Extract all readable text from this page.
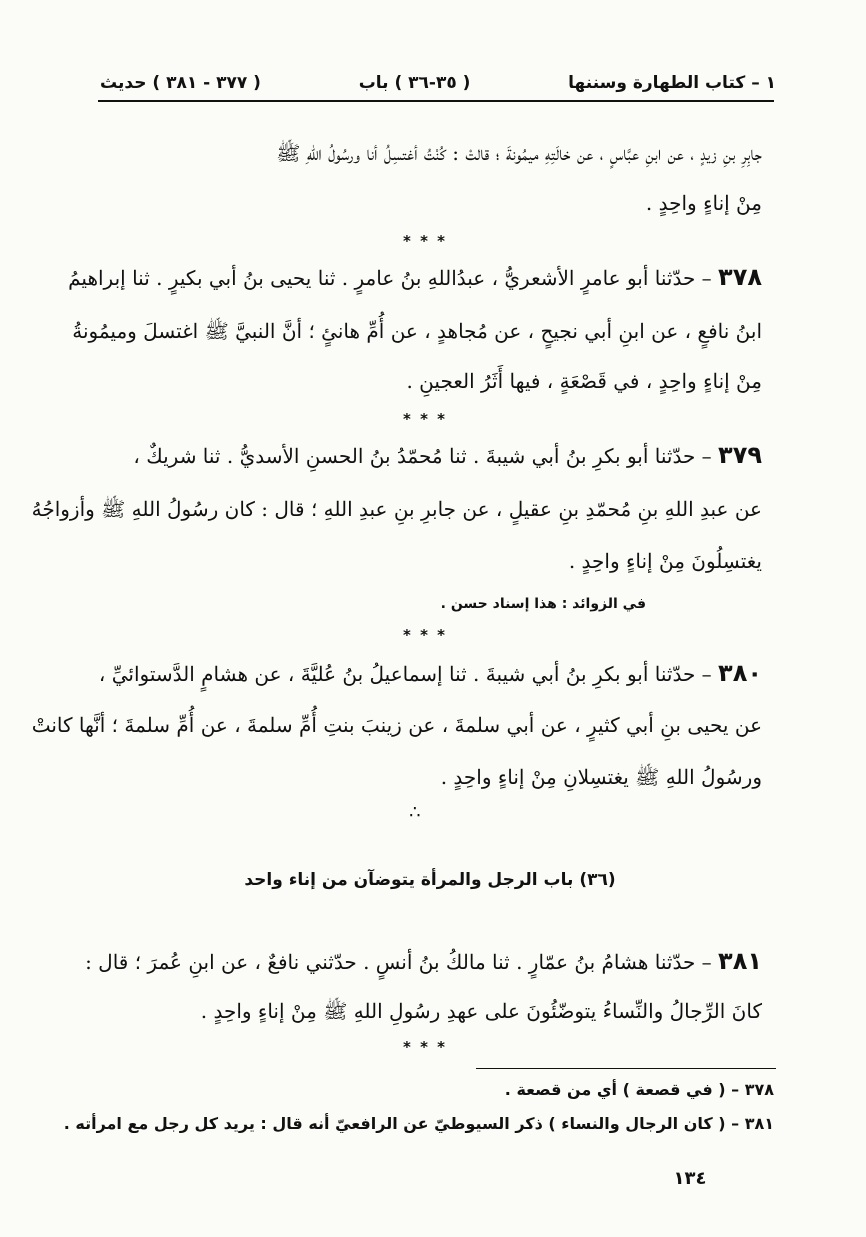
١ – كتاب الطهارة وسننها
( ٣٥-٣٦ ) باب
( ٣٧٧ - ٣٨١ ) حديث
جابِرِ بنِ زيدٍ ، عن ابنِ عبَّاسٍ ، عن خالَتِهِ ميمُونةَ ؛ قالتْ : كُنْتُ أغتسِلُ أنا ورسُولُ اللهِ ﷺ
مِنْ إناءٍ واحِدٍ .
* * *
٣٧٨ – حدّثنا أبو عامرٍ الأشعريُّ ، عبدُاللهِ بنُ عامرٍ . ثنا يحيى بنُ أبي بكيرٍ . ثنا إبراهيمُ
ابنُ نافعٍ ، عن ابنِ أبي نجيحٍ ، عن مُجاهدٍ ، عن أُمِّ هانئٍ ؛ أنَّ النبيَّ ﷺ اغتسلَ وميمُونةُ
مِنْ إناءٍ واحِدٍ ، في قَصْعَةٍ ، فيها أَثَرُ العجينِ .
* * *
٣٧٩ – حدّثنا أبو بكرِ بنُ أبي شيبةَ . ثنا مُحمّدُ بنُ الحسنِ الأسديُّ . ثنا شريكٌ ،
عن عبدِ اللهِ بنِ مُحمّدِ بنِ عقيلٍ ، عن جابرِ بنِ عبدِ اللهِ ؛ قال : كان رسُولُ اللهِ ﷺ وأزواجُهُ
يغتسِلُونَ مِنْ إناءٍ واحِدٍ .
في الزوائد : هذا إسناد حسن .
* * *
٣٨٠ – حدّثنا أبو بكرِ بنُ أبي شيبةَ . ثنا إسماعيلُ بنُ عُليَّةَ ، عن هشامٍ الدَّستوائيِّ ،
عن يحيى بنِ أبي كثيرٍ ، عن أبي سلمةَ ، عن زينبَ بنتِ أُمِّ سلمةَ ، عن أُمِّ سلمةَ ؛ أنَّها كانتْ
ورسُولُ اللهِ ﷺ يغتسِلانِ مِنْ إناءٍ واحِدٍ .
∴
(٣٦) باب الرجل والمرأة يتوضآن من إناء واحد
٣٨١ – حدّثنا هشامُ بنُ عمّارٍ . ثنا مالكُ بنُ أنسٍ . حدّثني نافعٌ ، عن ابنِ عُمرَ ؛ قال :
كانَ الرِّجالُ والنِّساءُ يتوضّئُونَ على عهدِ رسُولِ اللهِ ﷺ مِنْ إناءٍ واحِدٍ .
* * *
٣٧٨ – ( في قصعة ) أي من قصعة .
٣٨١ – ( كان الرجال والنساء ) ذكر السيوطيّ عن الرافعيّ أنه قال : يريد كل رجل مع امرأته .
١٣٤
